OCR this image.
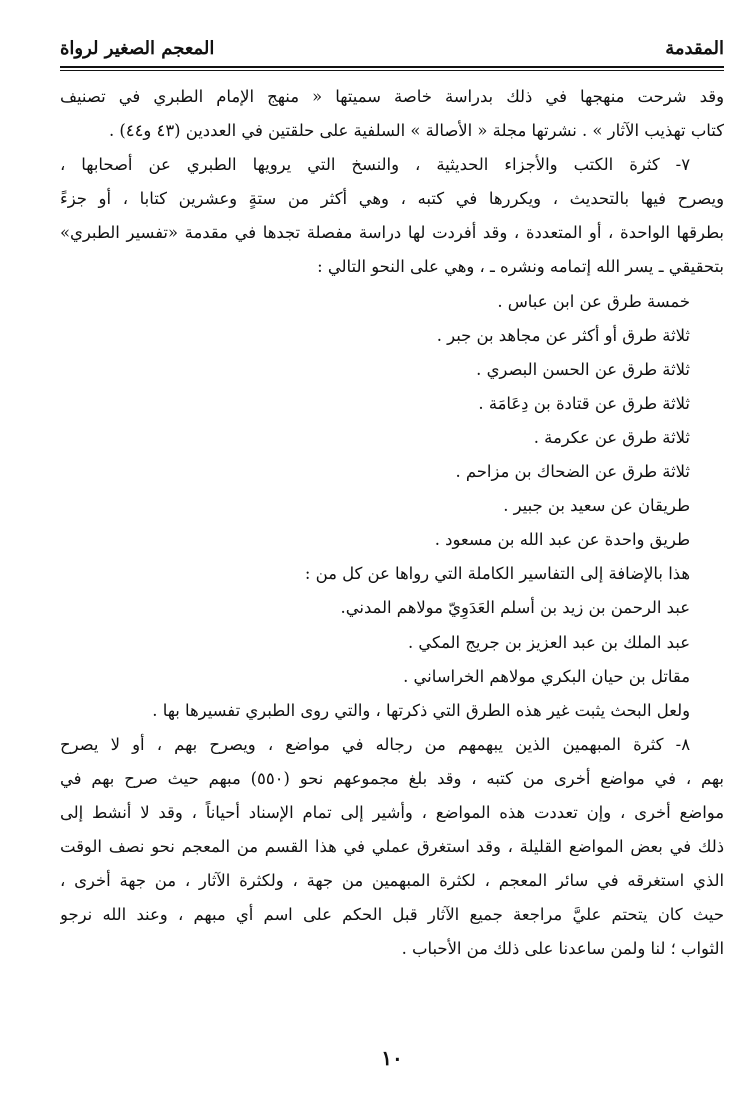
المقدمة
المعجم الصغير لرواة
وقد شرحت منهجها في ذلك بدراسة خاصة سميتها « منهج الإمام الطبري في تصنيف
كتاب تهذيب الآثار » . نشرتها مجلة « الأصالة » السلفية على حلقتين في العددين (٤٣ و٤٤) .
٧- كثرة الكتب والأجزاء الحديثية ، والنسخ التي يرويها الطبري عن أصحابها ،
ويصرح فيها بالتحديث ، ويكررها في كتبه ، وهي أكثر من ستةٍ وعشرين كتابا ، أو جزءً
بطرقها الواحدة ، أو المتعددة ، وقد أفردت لها دراسة مفصلة تجدها في مقدمة «تفسير الطبري»
بتحقيقي ـ يسر الله إتمامه ونشره ـ ، وهي على النحو التالي :
خمسة طرق عن ابن عباس .
ثلاثة طرق أو أكثر عن مجاهد بن جبر .
ثلاثة طرق عن الحسن البصري .
ثلاثة طرق عن قتادة بن دِعَامَة .
ثلاثة طرق عن عكرمة .
ثلاثة طرق عن الضحاك بن مزاحم .
طريقان عن سعيد بن جبير .
طريق واحدة عن عبد الله بن مسعود .
هذا بالإضافة إلى التفاسير الكاملة التي رواها عن كل من :
عبد الرحمن بن زيد بن أسلم العَدَوِيّ مولاهم المدني.
عبد الملك بن عبد العزيز بن جريج المكي .
مقاتل بن حيان البكري مولاهم الخراساني .
ولعل البحث يثبت غير هذه الطرق التي ذكرتها ، والتي روى الطبري تفسيرها بها .
٨- كثرة المبهمين الذين يبهمهم من رجاله في مواضع ، ويصرح بهم ، أو لا يصرح
بهم ، في مواضع أخرى من كتبه ، وقد بلغ مجموعهم نحو (٥٥٠) مبهم حيث صرح بهم في
مواضع أخرى ، وإن تعددت هذه المواضع ، وأشير إلى تمام الإسناد أحياناً ، وقد لا أنشط إلى
ذلك في بعض المواضع القليلة ، وقد استغرق عملي في هذا القسم من المعجم نحو نصف الوقت
الذي استغرقه في سائر المعجم ، لكثرة المبهمين من جهة ، ولكثرة الآثار ، من جهة أخرى ،
حيث كان يتحتم عليَّ مراجعة جميع الآثار قبل الحكم على اسم أي مبهم ، وعند الله نرجو
الثواب ؛ لنا ولمن ساعدنا على ذلك من الأحباب .
١٠
